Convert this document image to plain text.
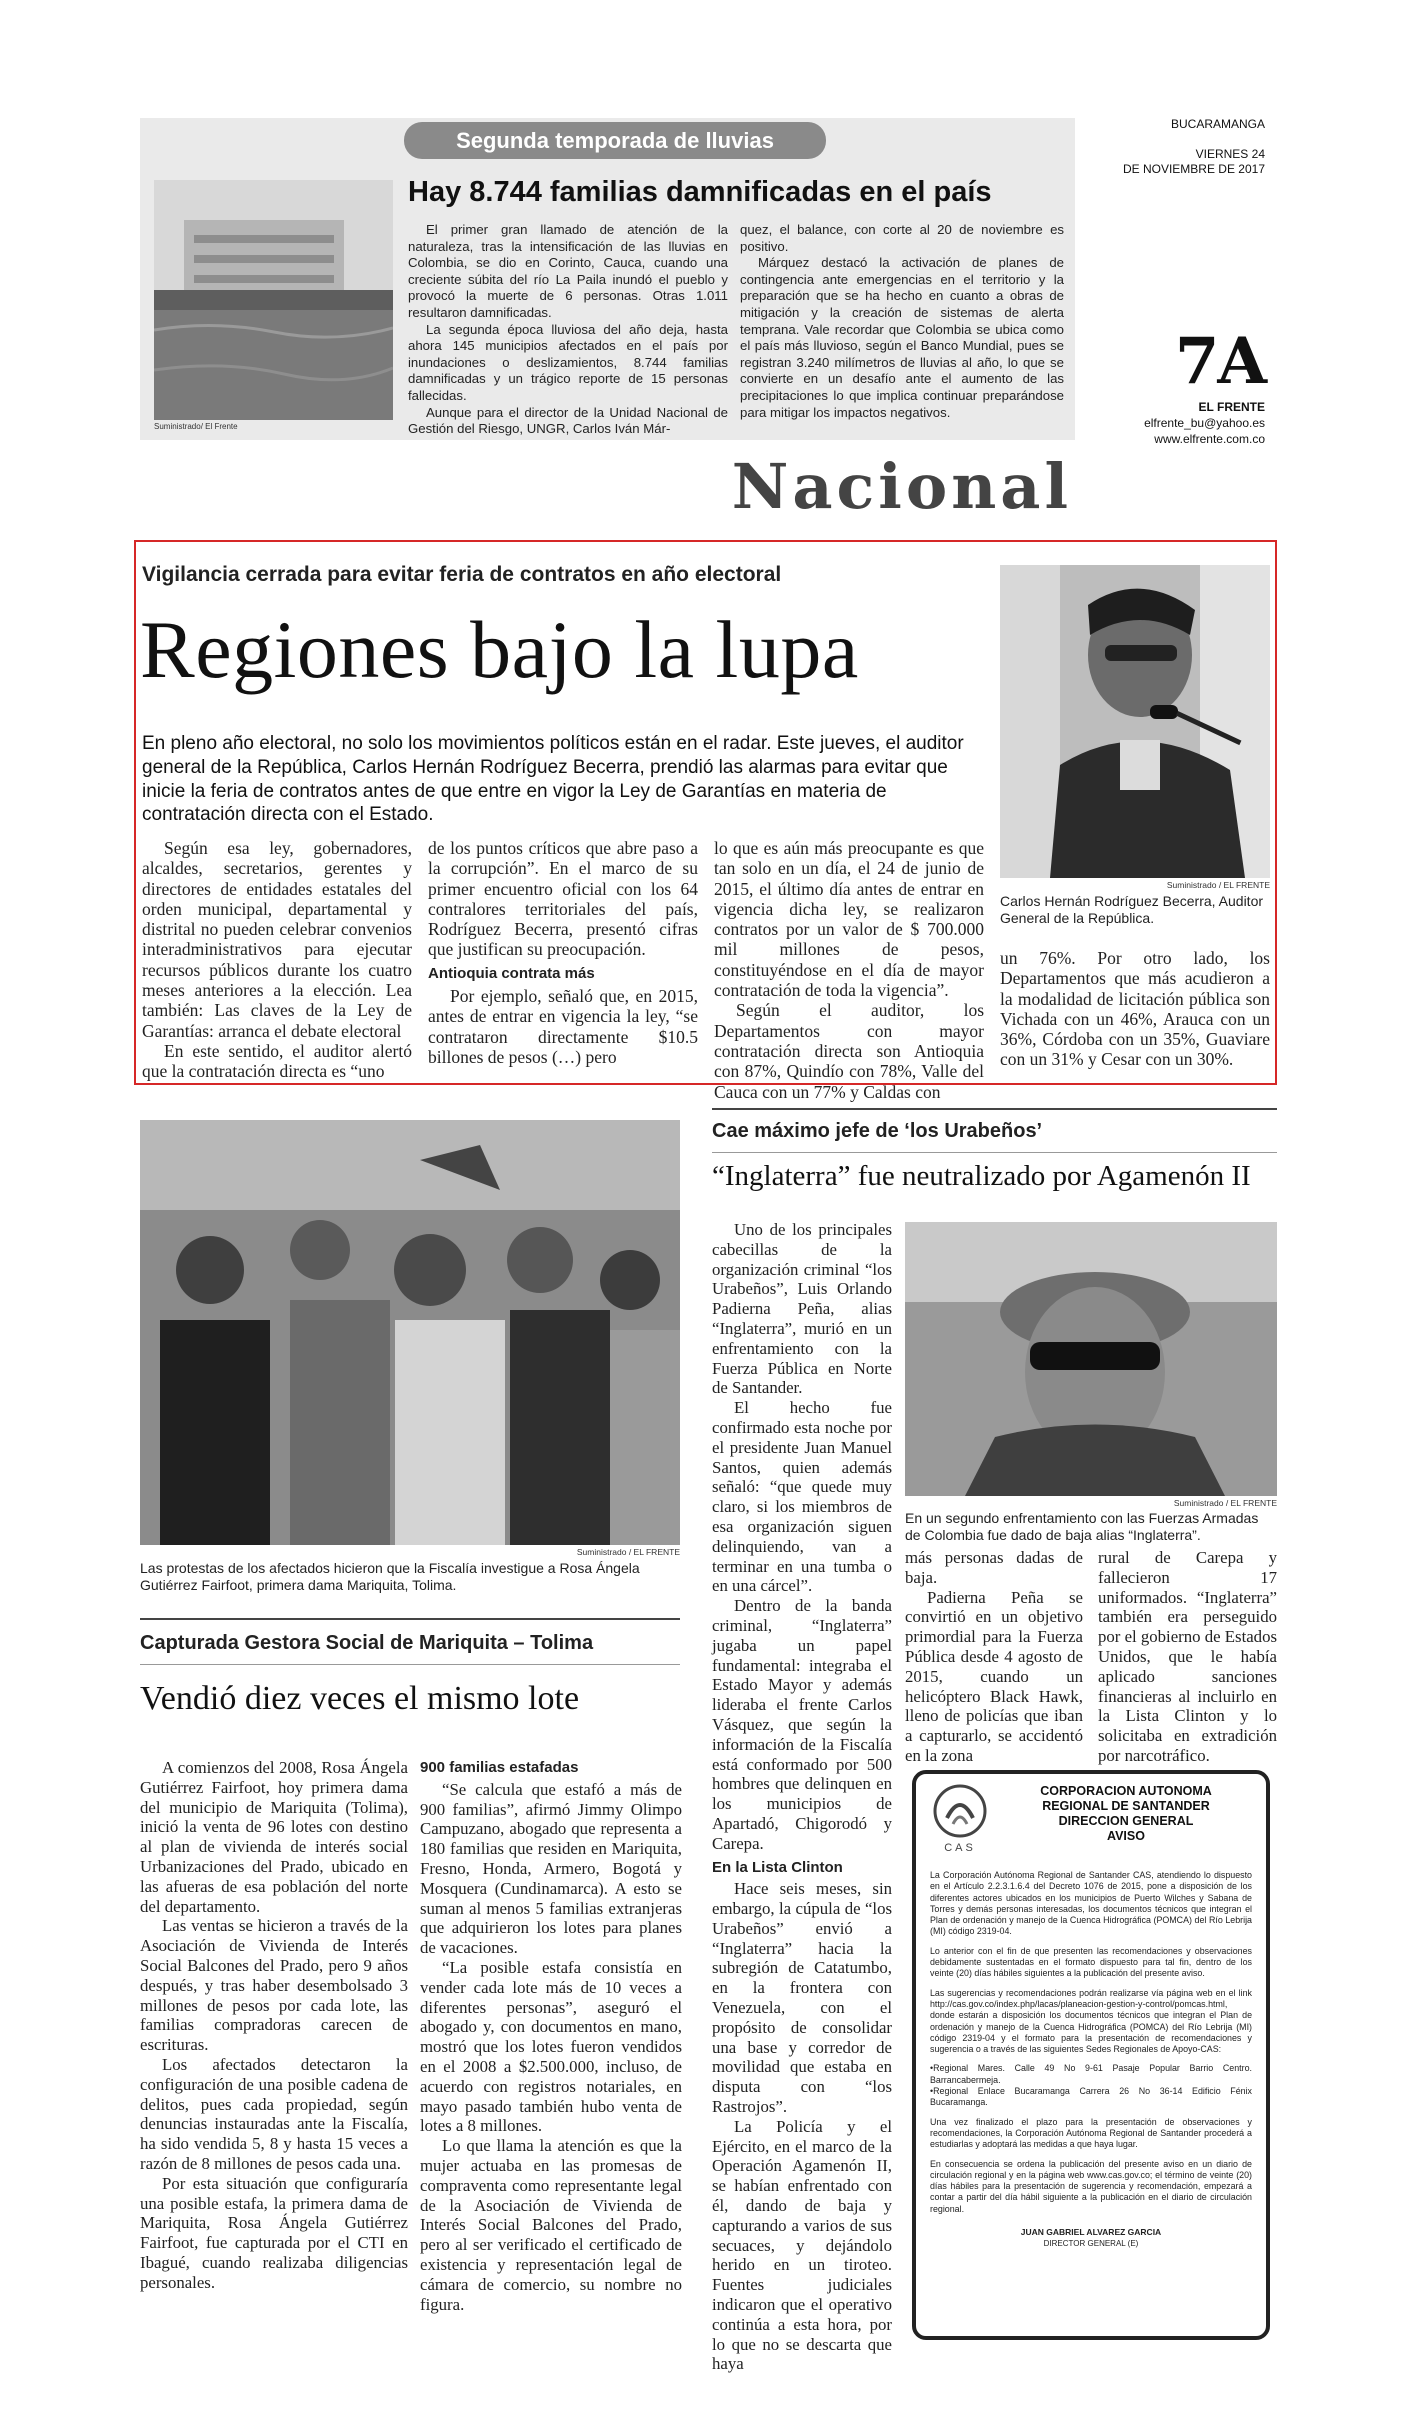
Segunda temporada de lluvias
Suministrado/ El Frente
Hay 8.744 familias damnificadas en el país

El primer gran llamado de atención de la naturaleza, tras la intensificación de las lluvias en Colombia, se dio en Corinto, Cauca, cuando una creciente súbita del río La Paila inundó el pueblo y provocó la muerte de 6 personas. Otras 1.011 resultaron damnificadas.

La segunda época lluviosa del año deja, hasta ahora 145 municipios afectados en el país por inundaciones o deslizamientos, 8.744 familias damnificadas y un trágico reporte de 15 personas fallecidas.

Aunque para el director de la Unidad Nacional de Gestión del Riesgo, UNGR, Carlos Iván Már-

quez, el balance, con corte al 20 de noviembre es positivo.

Márquez destacó la activación de planes de contingencia ante emergencias en el territorio y la preparación que se ha hecho en cuanto a obras de mitigación y la creación de sistemas de alerta temprana. Vale recordar que Colombia se ubica como el país más lluvioso, según el Banco Mundial, pues se registran 3.240 milímetros de lluvias al año, lo que se convierte en un desafío ante el aumento de las precipitaciones lo que implica continuar preparándose para mitigar los impactos negativos.

BUCARAMANGA
VIERNES 24
DE NOVIEMBRE DE 2017
7A
EL FRENTE
elfrente_bu@yahoo.es
www.elfrente.com.co
Nacional
Vigilancia cerrada para evitar feria de contratos en año electoral
Regiones bajo la lupa
En pleno año electoral, no solo los movimientos políticos están en el radar. Este jueves, el auditor general de la República, Carlos Hernán Rodríguez Becerra, prendió las alarmas para evitar que inicie la feria de contratos antes de que entre en vigor la Ley de Garantías en materia de contratación directa con el Estado.
Suministrado / EL FRENTE
Carlos Hernán Rodríguez Becerra, Auditor General de la República.

Según esa ley, gobernadores, alcaldes, secretarios, gerentes y directores de entidades estatales del orden municipal, departamental y distrital no pueden celebrar convenios interadministrativos para ejecutar recursos públicos durante los cuatro meses anteriores a la elección. Lea también: Las claves de la Ley de Garantías: arranca el debate electoral

En este sentido, el auditor alertó que la contratación directa es “uno

de los puntos críticos que abre paso a la corrupción”. En el marco de su primer encuentro oficial con los 64 contralores territoriales del país, Rodríguez Becerra, presentó cifras que justifican su preocupación.

Antioquia contrata más

Por ejemplo, señaló que, en 2015, antes de entrar en vigencia la ley, “se contrataron directamente $10.5 billones de pesos (…) pero

lo que es aún más preocupante es que tan solo en un día, el 24 de junio de 2015, el último día antes de entrar en vigencia dicha ley, se realizaron contratos por un valor de $ 700.000 mil millones de pesos, constituyéndose en el día de mayor contratación de toda la vigencia”.

Según el auditor, los Departamentos con mayor contratación directa son Antioquia con 87%, Quindío con 78%, Valle del Cauca con un 77% y Caldas con

un 76%. Por otro lado, los Departamentos que más acudieron a la modalidad de licitación pública son Vichada con un 46%, Arauca con un 36%, Córdoba con un 35%, Guaviare con un 31% y Cesar con un 30%.

Suministrado / EL FRENTE
Las protestas de los afectados hicieron que la Fiscalía investigue a Rosa Ángela Gutiérrez Fairfoot, primera dama Mariquita, Tolima.
Capturada Gestora Social de Mariquita – Tolima
Vendió diez veces el mismo lote

A comienzos del 2008, Rosa Ángela Gutiérrez Fairfoot, hoy primera dama del municipio de Mariquita (Tolima), inició la venta de 96 lotes con destino al plan de vivienda de interés social Urbanizaciones del Prado, ubicado en las afueras de esa población del norte del departamento.

Las ventas se hicieron a través de la Asociación de Vivienda de Interés Social Balcones del Prado, pero 9 años después, y tras haber desembolsado 3 millones de pesos por cada lote, las familias compradoras carecen de escrituras.

Los afectados detectaron la configuración de una posible cadena de delitos, pues cada propiedad, según denuncias instauradas ante la Fiscalía, ha sido vendida 5, 8 y hasta 15 veces a razón de 8 millones de pesos cada una.

Por esta situación que configuraría una posible estafa, la primera dama de Mariquita, Rosa Ángela Gutiérrez Fairfoot, fue capturada por el CTI en Ibagué, cuando realizaba diligencias personales.

900 familias estafadas

“Se calcula que estafó a más de 900 familias”, afirmó Jimmy Olimpo Campuzano, abogado que representa a 180 familias que residen en Mariquita, Fresno, Honda, Armero, Bogotá y Mosquera (Cundinamarca). A esto se suman al menos 5 familias extranjeras que adquirieron los lotes para planes de vacaciones.

“La posible estafa consistía en vender cada lote más de 10 veces a diferentes personas”, aseguró el abogado y, con documentos en mano, mostró que los lotes fueron vendidos en el 2008 a $2.500.000, incluso, de acuerdo con registros notariales, en mayo pasado también hubo venta de lotes a 8 millones.

Lo que llama la atención es que la mujer actuaba en las promesas de compraventa como representante legal de la Asociación de Vivienda de Interés Social Balcones del Prado, pero al ser verificado el certificado de existencia y representación legal de cámara de comercio, su nombre no figura.

Cae máximo jefe de ‘los Urabeños’
“Inglaterra” fue neutralizado por Agamenón II
Suministrado / EL FRENTE
En un segundo enfrentamiento con las Fuerzas Armadas de Colombia fue dado de baja alias “Inglaterra”.

Uno de los principales cabecillas de la organización criminal “los Urabeños”, Luis Orlando Padierna Peña, alias “Inglaterra”, murió en un enfrentamiento con la Fuerza Pública en Norte de Santander.

El hecho fue confirmado esta noche por el presidente Juan Manuel Santos, quien además señaló: “que quede muy claro, si los miembros de esa organización siguen delinquiendo, van a terminar en una tumba o en una cárcel”.

Dentro de la banda criminal, “Inglaterra” jugaba un papel fundamental: integraba el Estado Mayor y además lideraba el frente Carlos Vásquez, que según la información de la Fiscalía está conformado por 500 hombres que delinquen en los municipios de Apartadó, Chigorodó y Carepa.

En la Lista Clinton

Hace seis meses, sin embargo, la cúpula de “los Urabeños” envió a “Inglaterra” hacia la subregión de Catatumbo, en la frontera con Venezuela, con el propósito de consolidar una base y corredor de movilidad que estaba en disputa con “los Rastrojos”.

La Policía y el Ejército, en el marco de la Operación Agamenón II, se habían enfrentado con él, dando de baja y capturando a varios de sus secuaces, y dejándolo herido en un tiroteo. Fuentes judiciales indicaron que el operativo continúa a esta hora, por lo que no se descarta que haya

más personas dadas de baja.

Padierna Peña se convirtió en un objetivo primordial para la Fuerza Pública desde 4 agosto de 2015, cuando un helicóptero Black Hawk, lleno de policías que iban a capturarlo, se accidentó en la zona

rural de Carepa y fallecieron 17 uniformados. “Inglaterra” también era perseguido por el gobierno de Estados Unidos, que le había aplicado sanciones financieras al incluirlo en la Lista Clinton y lo solicitaba en extradición por narcotráfico.

CAS
CORPORACION AUTONOMA
REGIONAL DE SANTANDER
DIRECCION GENERAL
AVISO

La Corporación Autónoma Regional de Santander CAS, atendiendo lo dispuesto en el Artículo 2.2.3.1.6.4 del Decreto 1076 de 2015, pone a disposición de los diferentes actores ubicados en los municipios de Puerto Wilches y Sabana de Torres y demás personas interesadas, los documentos técnicos que integran el Plan de ordenación y manejo de la Cuenca Hidrográfica (POMCA) del Río Lebrija (MI) código 2319-04.

Lo anterior con el fin de que presenten las recomendaciones y observaciones debidamente sustentadas en el formato dispuesto para tal fin, dentro de los veinte (20) días hábiles siguientes a la publicación del presente aviso.

Las sugerencias y recomendaciones podrán realizarse vía página web en el link http://cas.gov.co/index.php/lacas/planeacion-gestion-y-control/pomcas.html, donde estarán a disposición los documentos técnicos que integran el Plan de ordenación y manejo de la Cuenca Hidrográfica (POMCA) del Río Lebrija (MI) código 2319-04 y el formato para la presentación de recomendaciones y sugerencia o a través de las siguientes Sedes Regionales de Apoyo-CAS:

•Regional Mares. Calle 49 No 9-61 Pasaje Popular Barrio Centro. Barrancabermeja.

•Regional Enlace Bucaramanga Carrera 26 No 36-14 Edificio Fénix Bucaramanga.

Una vez finalizado el plazo para la presentación de observaciones y recomendaciones, la Corporación Autónoma Regional de Santander procederá a estudiarlas y adoptará las medidas a que haya lugar.

En consecuencia se ordena la publicación del presente aviso en un diario de circulación regional y en la página web www.cas.gov.co; el término de veinte (20) días hábiles para la presentación de sugerencia y recomendación, empezará a contar a partir del día hábil siguiente a la publicación en el diario de circulación regional.

JUAN GABRIEL ALVAREZ GARCIA
DIRECTOR GENERAL (E)
